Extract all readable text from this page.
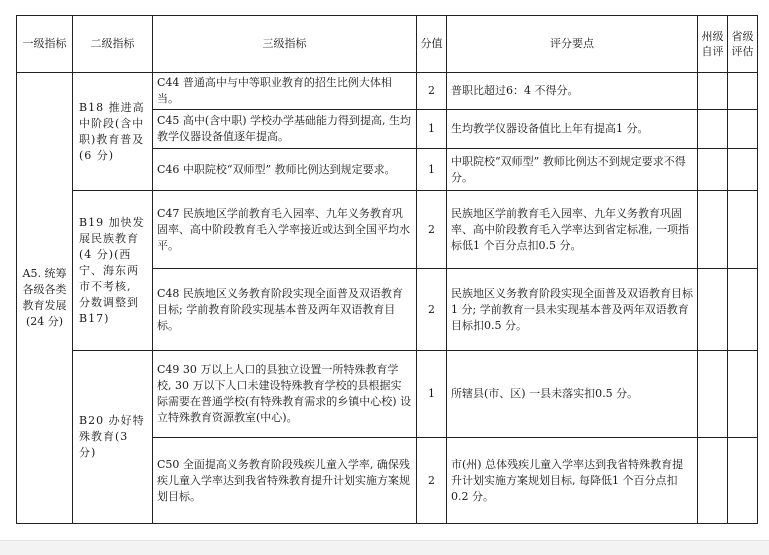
一级指标	二级指标	三级指标	分值	评分要点	州级自评	省级评估
A5. 统筹各级各类教育发展(24 分)	B18 推进高中阶段(含中职)教育普及(6 分)	C44 普通高中与中等职业教育的招生比例大体相当。	2	普职比超过6：4 不得分。		
		C45 高中(含中职) 学校办学基础能力得到提高, 生均教学仪器设备值逐年提高。	1	生均教学仪器设备值比上年有提高1 分。		
		C46 中职院校“双师型” 教师比例达到规定要求。	1	中职院校“双师型” 教师比例达不到规定要求不得分。		
	B19 加快发展民族教育(4 分)(西宁、海东两市不考核, 分数调整到B17)	C47 民族地区学前教育毛入园率、九年义务教育巩固率、高中阶段教育毛入学率接近或达到全国平均水平。	2	民族地区学前教育毛入园率、九年义务教育巩固率、高中阶段教育毛入学率达到省定标准, 一项指标低1 个百分点扣0.5 分。		
		C48 民族地区义务教育阶段实现全面普及双语教育目标; 学前教育阶段实现基本普及两年双语教育目标。	2	民族地区义务教育阶段实现全面普及双语教育目标1 分; 学前教育一县未实现基本普及两年双语教育目标扣0.5 分。		
	B20 办好特殊教育(3 分)	C49 30 万以上人口的县独立设置一所特殊教育学校, 30 万以下人口未建设特殊教育学校的县根据实际需要在普通学校(有特殊教育需求的乡镇中心校) 设立特殊教育资源教室(中心)。	1	所辖县(市、区) 一县未落实扣0.5 分。		
		C50 全面提高义务教育阶段残疾儿童入学率, 确保残疾儿童入学率达到我省特殊教育提升计划实施方案规划目标。	2	市(州) 总体残疾儿童入学率达到我省特殊教育提升计划实施方案规划目标, 每降低1 个百分点扣0.2 分。		
